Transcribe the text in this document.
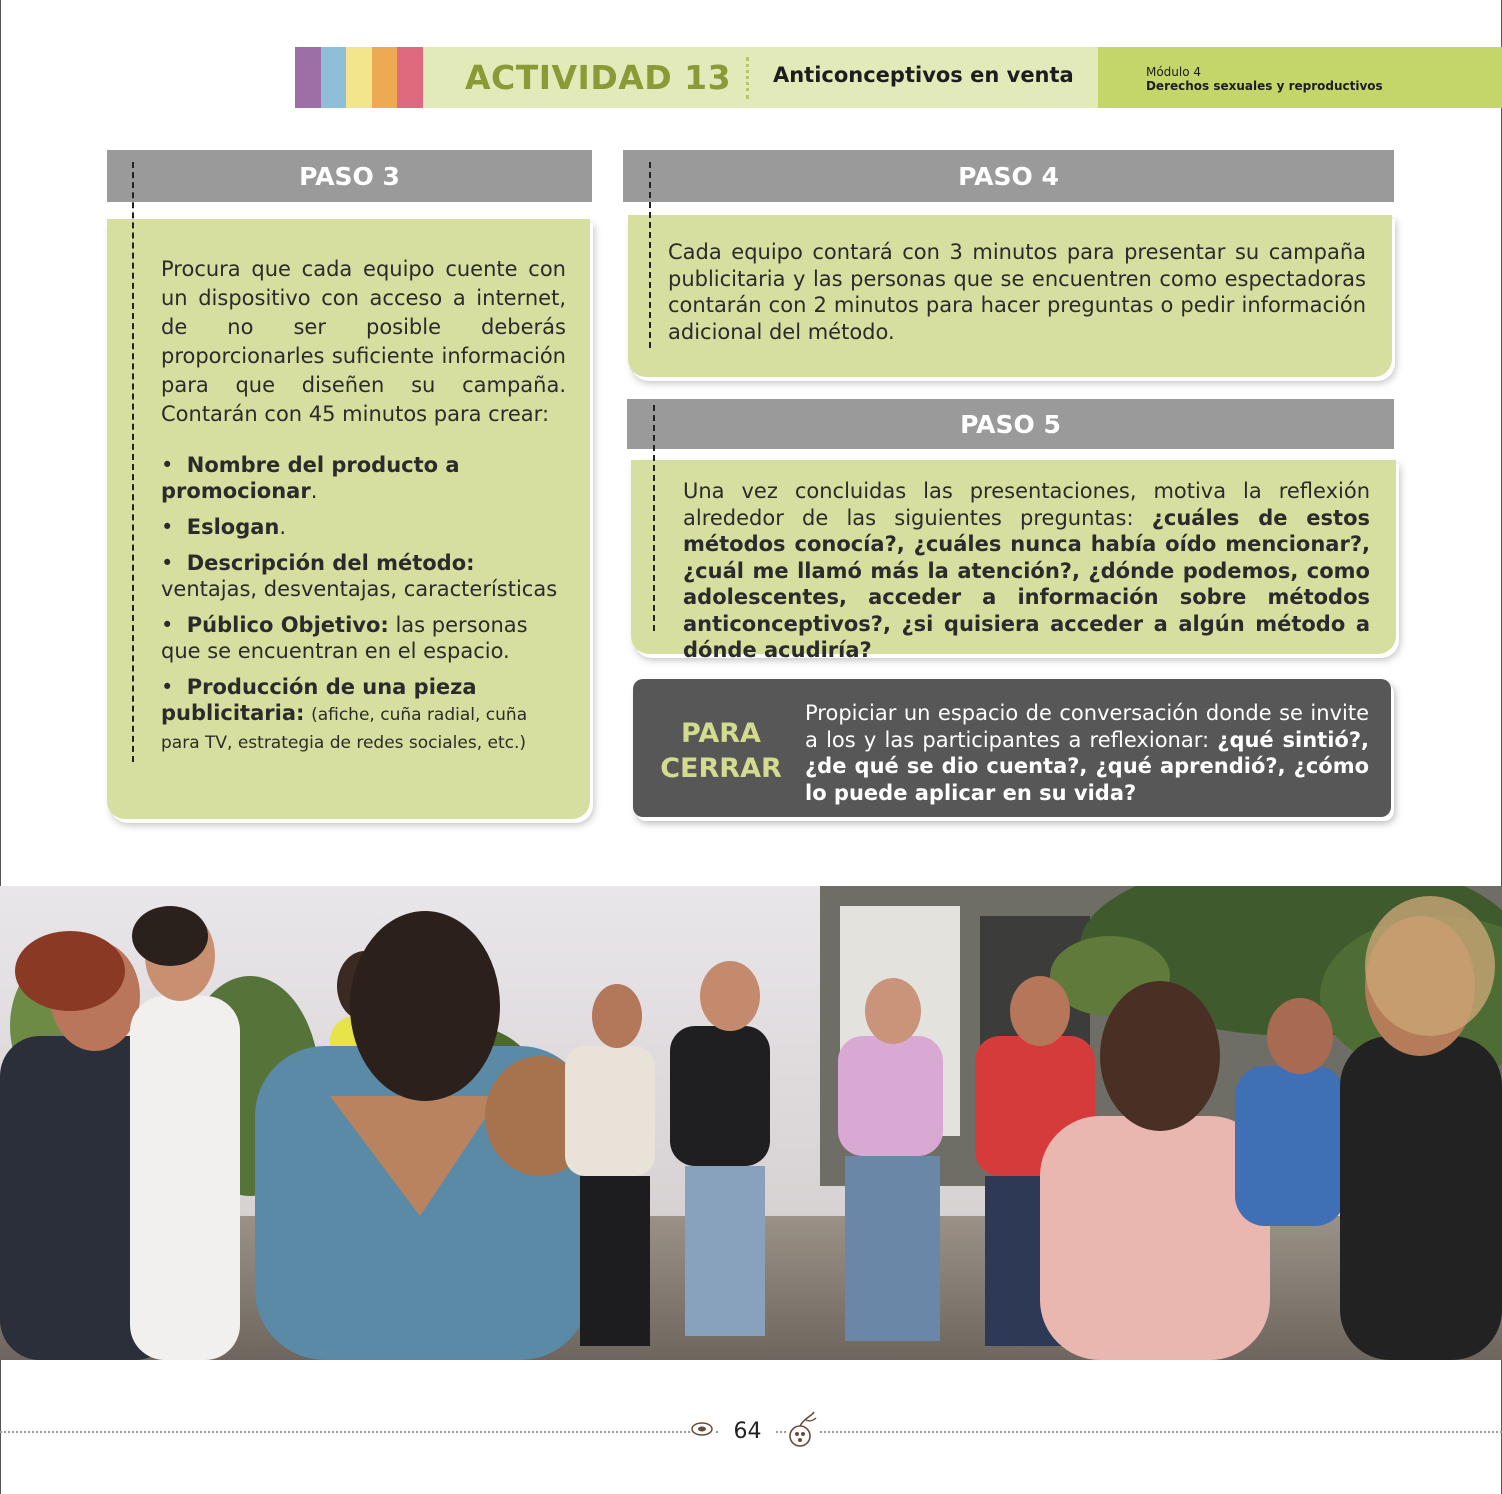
ACTIVIDAD 13 Anticonceptivos en venta	Módulo 4
Derechos sexuales y reproductivos
PASO 3
Procura que cada equipo cuente con un dispositivo con acceso a internet, de no ser posible deberás proporcionarles suficiente información para que diseñen su campaña. Contarán con 45 minutos para crear:
•  Nombre del producto a promocionar.
•  Eslogan.
•  Descripción del método: ventajas, desventajas, características
•  Público Objetivo: las personas que se encuentran en el espacio.
•  Producción de una pieza publicitaria: (afiche, cuña radial, cuña para TV, estrategia de redes sociales, etc.)
PASO 4
Cada equipo contará con 3 minutos para presentar su campaña publicitaria y las personas que se encuentren como espectadoras contarán con 2 minutos para hacer preguntas o pedir información adicional del método.
PASO 5
Una vez concluidas las presentaciones, motiva la reflexión alrededor de las siguientes preguntas: ¿cuáles de estos métodos conocía?, ¿cuáles nunca había oído mencionar?, ¿cuál me llamó más la atención?, ¿dónde podemos, como adolescentes, acceder a información sobre métodos anticonceptivos?, ¿si quisiera acceder a algún método a dónde acudiría?
PARA
CERRAR
Propiciar un espacio de conversación donde se invite a los y las participantes a reflexionar: ¿qué sintió?, ¿de qué se dio cuenta?, ¿qué aprendió?, ¿cómo lo puede aplicar en su vida?
64
